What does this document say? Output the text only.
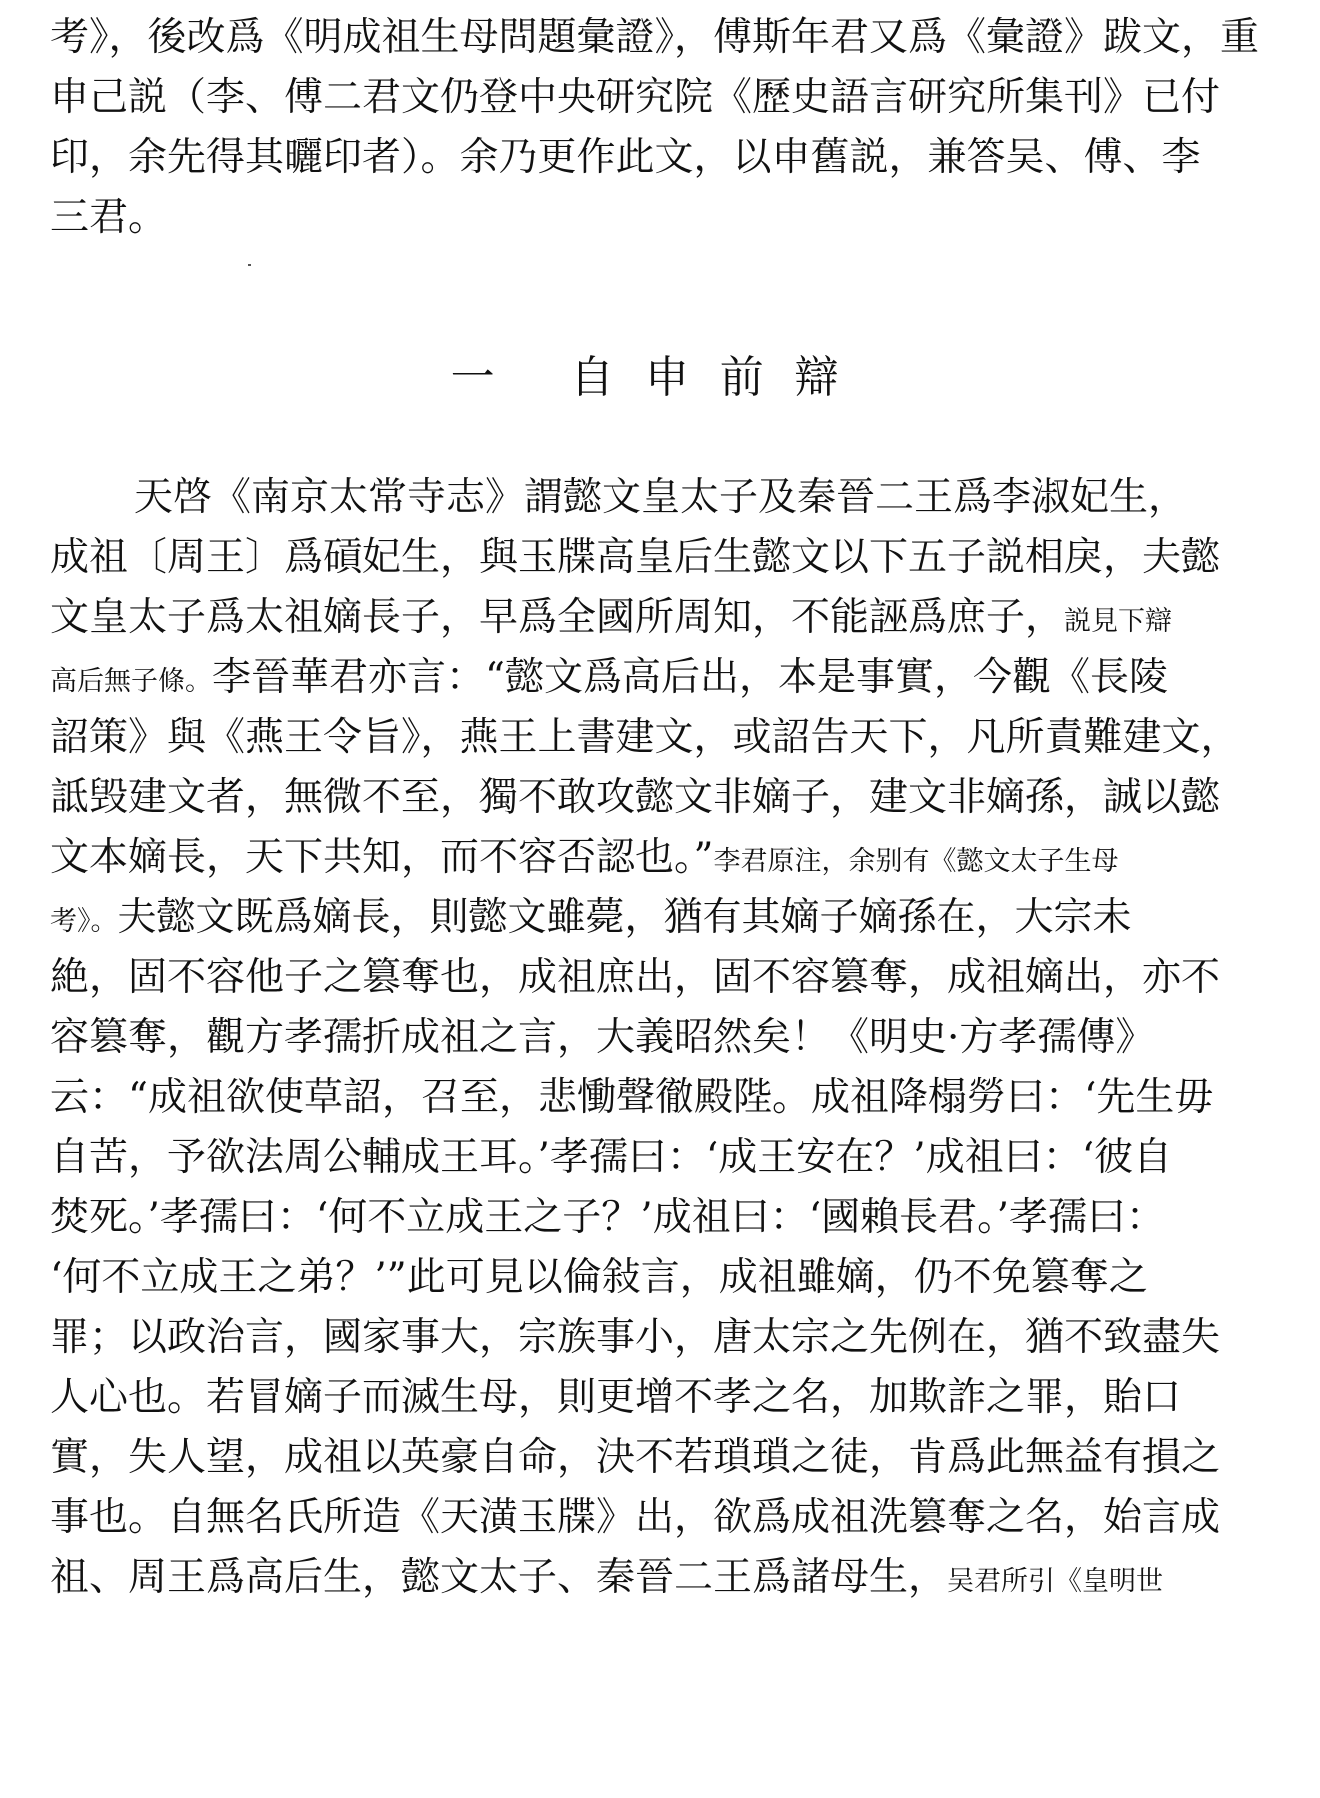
考》，後改爲《明成祖生母問題彙證》，傅斯年君又爲《彙證》跋文，重
申己説（李、傅二君文仍登中央研究院《歷史語言研究所集刊》已付
印，余先得其曬印者）。余乃更作此文，以申舊説，兼答吴、傅、李
三君。
一 自申前辯
天啓《南京太常寺志》謂懿文皇太子及秦晉二王爲李淑妃生，
成祖〔周王〕爲碽妃生，與玉牒高皇后生懿文以下五子説相戾，夫懿
文皇太子爲太祖嫡長子，早爲全國所周知，不能誣爲庶子，説見下辯
高后無子條。李晉華君亦言：“懿文爲高后出，本是事實，今觀《長陵
詔策》與《燕王令旨》，燕王上書建文，或詔告天下，凡所責難建文，
詆毁建文者，無微不至，獨不敢攻懿文非嫡子，建文非嫡孫，誠以懿
文本嫡長，天下共知，而不容否認也。”李君原注，余别有《懿文太子生母
考》。夫懿文既爲嫡長，則懿文雖薨，猶有其嫡子嫡孫在，大宗未
絶，固不容他子之篡奪也，成祖庶出，固不容篡奪，成祖嫡出，亦不
容篡奪，觀方孝孺折成祖之言，大義昭然矣！《明史·方孝孺傳》
云：“成祖欲使草詔，召至，悲慟聲徹殿陛。成祖降榻勞曰：‘先生毋
自苦，予欲法周公輔成王耳。’孝孺曰：‘成王安在？’成祖曰：‘彼自
焚死。’孝孺曰：‘何不立成王之子？’成祖曰：‘國賴長君。’孝孺曰：
‘何不立成王之弟？’”此可見以倫敍言，成祖雖嫡，仍不免篡奪之
罪；以政治言，國家事大，宗族事小，唐太宗之先例在，猶不致盡失
人心也。若冒嫡子而滅生母，則更增不孝之名，加欺詐之罪，貽口
實，失人望，成祖以英豪自命，決不若瑣瑣之徒，肯爲此無益有損之
事也。自無名氏所造《天潢玉牒》出，欲爲成祖洗篡奪之名，始言成
祖、周王爲高后生，懿文太子、秦晉二王爲諸母生，吴君所引《皇明世
